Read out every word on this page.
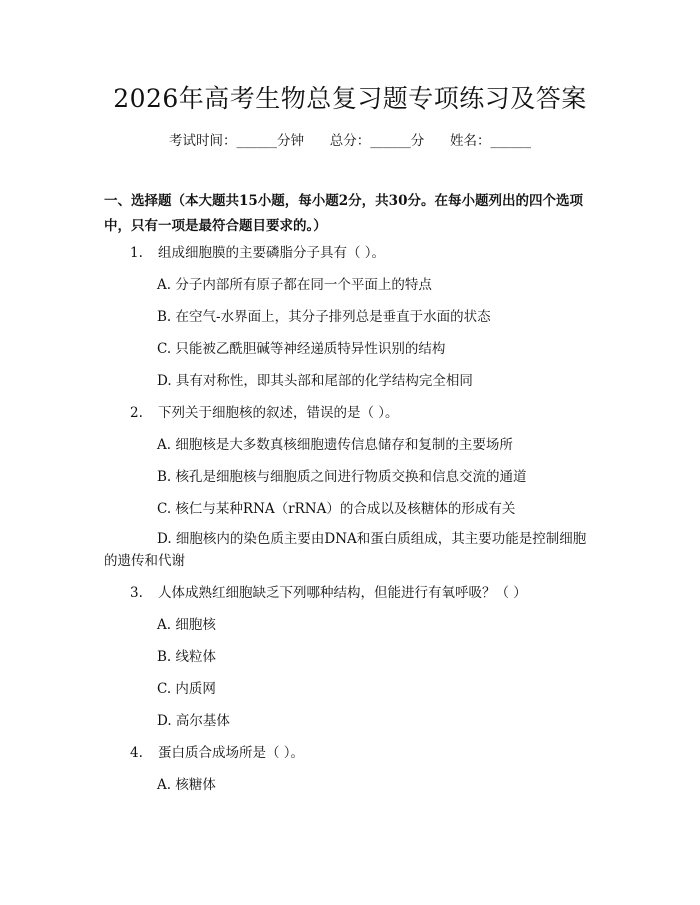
2026年高考生物总复习题专项练习及答案
考试时间：______分钟      总分：______分      姓名：______
一、选择题（本大题共15小题，每小题2分，共30分。在每小题列出的四个选项中，只有一项是最符合题目要求的。）
1. 组成细胞膜的主要磷脂分子具有（ ）。
A. 分子内部所有原子都在同一个平面上的特点
B. 在空气-水界面上，其分子排列总是垂直于水面的状态
C. 只能被乙酰胆碱等神经递质特异性识别的结构
D. 具有对称性，即其头部和尾部的化学结构完全相同
2. 下列关于细胞核的叙述，错误的是（ ）。
A. 细胞核是大多数真核细胞遗传信息储存和复制的主要场所
B. 核孔是细胞核与细胞质之间进行物质交换和信息交流的通道
C. 核仁与某种RNA（rRNA）的合成以及核糖体的形成有关
D. 细胞核内的染色质主要由DNA和蛋白质组成，其主要功能是控制细胞的遗传和代谢
3. 人体成熟红细胞缺乏下列哪种结构，但能进行有氧呼吸？（ ）
A. 细胞核
B. 线粒体
C. 内质网
D. 高尔基体
4. 蛋白质合成场所是（ ）。
A. 核糖体
